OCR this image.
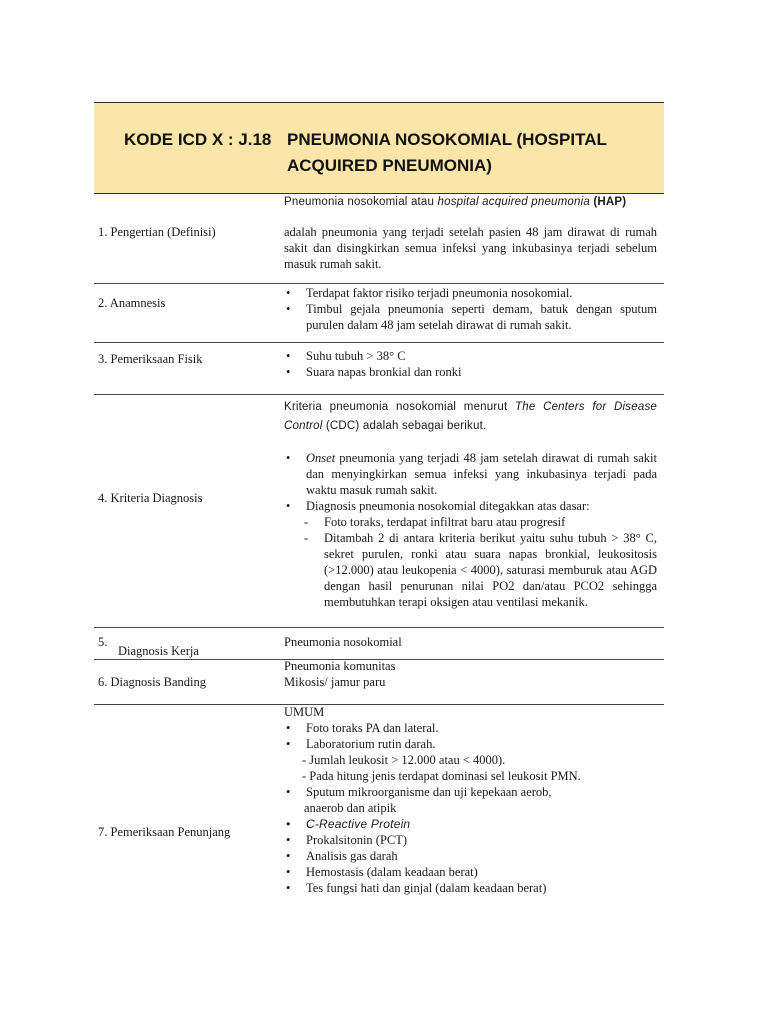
KODE ICD X : J.18 PNEUMONIA NOSOKOMIAL (HOSPITAL ACQUIRED PNEUMONIA)
1. Pengertian (Definisi)

Pneumonia nosokomial atau hospital acquired pneumonia (HAP)

adalah pneumonia yang terjadi setelah pasien 48 jam dirawat di rumah sakit dan disingkirkan semua infeksi yang inkubasinya terjadi sebelum masuk rumah sakit.

2. Anamnesis
• Terdapat faktor risiko terjadi pneumonia nosokomial.
• Timbul gejala pneumonia seperti demam, batuk dengan sputum purulen dalam 48 jam setelah dirawat di rumah sakit.
3. Pemeriksaan Fisik
•	Suhu tubuh > 38° C
• Suara napas bronkial dan ronki
4. Kriteria Diagnosis

Kriteria pneumonia nosokomial menurut The Centers for Disease Control (CDC) adalah sebagai berikut.

• Onset pneumonia yang terjadi 48 jam setelah dirawat di rumah sakit dan menyingkirkan semua infeksi yang inkubasinya terjadi pada waktu masuk rumah sakit.
• Diagnosis pneumonia nosokomial ditegakkan atas dasar:
- Foto toraks, terdapat infiltrat baru atau progresif
- Ditambah 2 di antara kriteria berikut yaitu suhu tubuh > 38° C, sekret purulen, ronki atau suara napas bronkial, leukositosis (>12.000) atau leukopenia < 4000), saturasi memburuk atau AGD dengan hasil penurunan nilai PO2 dan/atau PCO2 sehingga membutuhkan terapi oksigen atau ventilasi mekanik.
5.
Diagnosis Kerja
Pneumonia nosokomial
6. Diagnosis Banding

Pneumonia komunitas

Mikosis/ jamur paru

7. Pemeriksaan Penunjang

UMUM

• Foto toraks PA dan lateral.
• Laboratorium rutin darah.
- Jumlah leukosit > 12.000 atau < 4000).
- Pada hitung jenis terdapat dominasi sel leukosit PMN.
• Sputum mikroorganisme dan uji kepekaan aerob,
anaerob dan atipik
• C-Reactive Protein
• Prokalsitonin (PCT)
• Analisis gas darah
• Hemostasis (dalam keadaan berat)
• Tes fungsi hati dan ginjal (dalam keadaan berat)
